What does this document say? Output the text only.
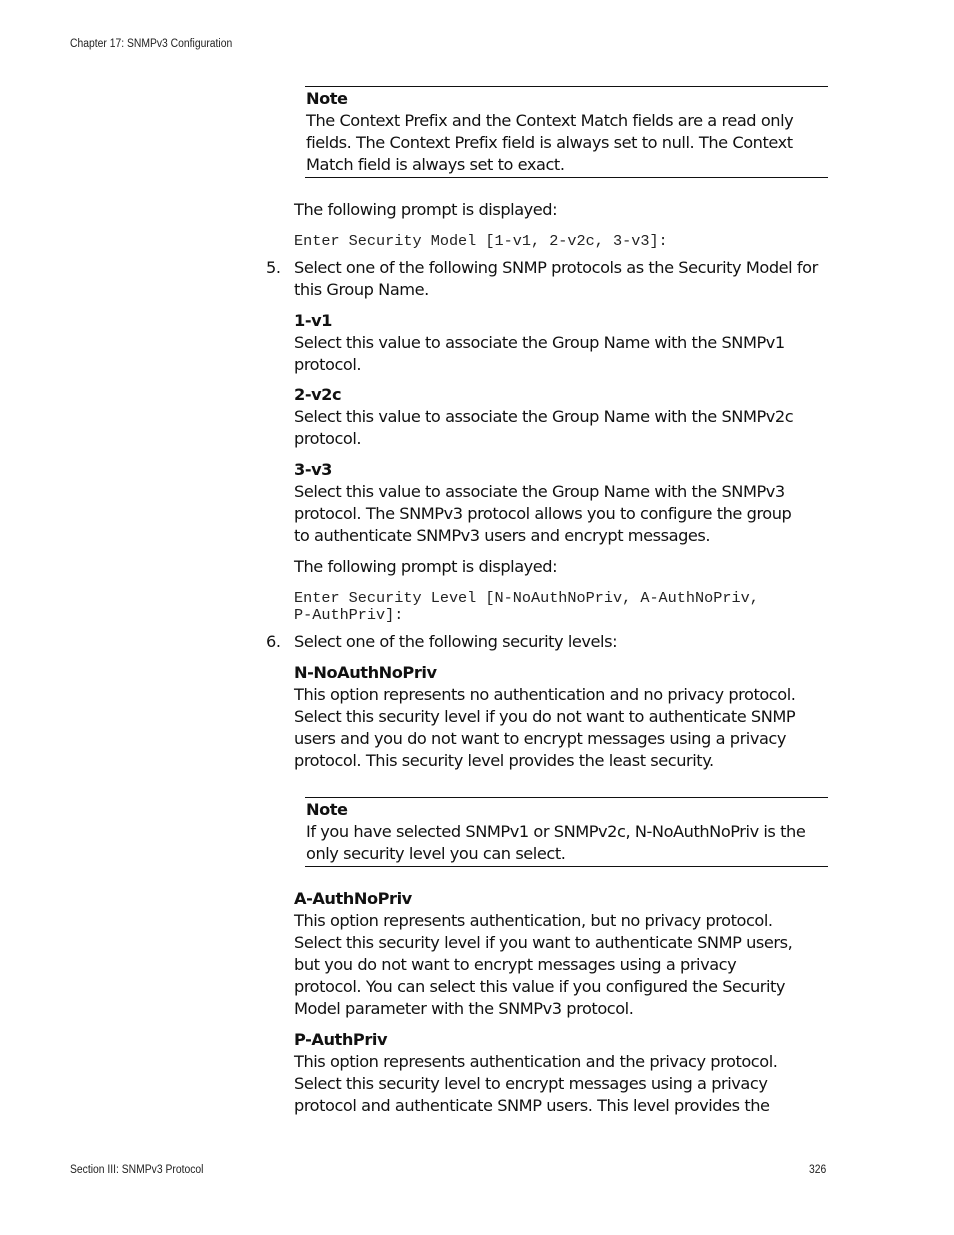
Chapter 17: SNMPv3 Configuration
Note
The Context Prefix and the Context Match fields are a read only
fields. The Context Prefix field is always set to null. The Context
Match field is always set to exact.
The following prompt is displayed:
Enter Security Model [1-v1, 2-v2c, 3-v3]:
5. Select one of the following SNMP protocols as the Security Model for
this Group Name.
1-v1
Select this value to associate the Group Name with the SNMPv1
protocol.
2-v2c
Select this value to associate the Group Name with the SNMPv2c
protocol.
3-v3
Select this value to associate the Group Name with the SNMPv3
protocol. The SNMPv3 protocol allows you to configure the group
to authenticate SNMPv3 users and encrypt messages.
The following prompt is displayed:
Enter Security Level [N-NoAuthNoPriv, A-AuthNoPriv,
P-AuthPriv]:
6. Select one of the following security levels:
N-NoAuthNoPriv
This option represents no authentication and no privacy protocol.
Select this security level if you do not want to authenticate SNMP
users and you do not want to encrypt messages using a privacy
protocol. This security level provides the least security.
Note
If you have selected SNMPv1 or SNMPv2c, N-NoAuthNoPriv is the
only security level you can select.
A-AuthNoPriv
This option represents authentication, but no privacy protocol.
Select this security level if you want to authenticate SNMP users,
but you do not want to encrypt messages using a privacy
protocol. You can select this value if you configured the Security
Model parameter with the SNMPv3 protocol.
P-AuthPriv
This option represents authentication and the privacy protocol.
Select this security level to encrypt messages using a privacy
protocol and authenticate SNMP users. This level provides the
Section III: SNMPv3 Protocol	326
